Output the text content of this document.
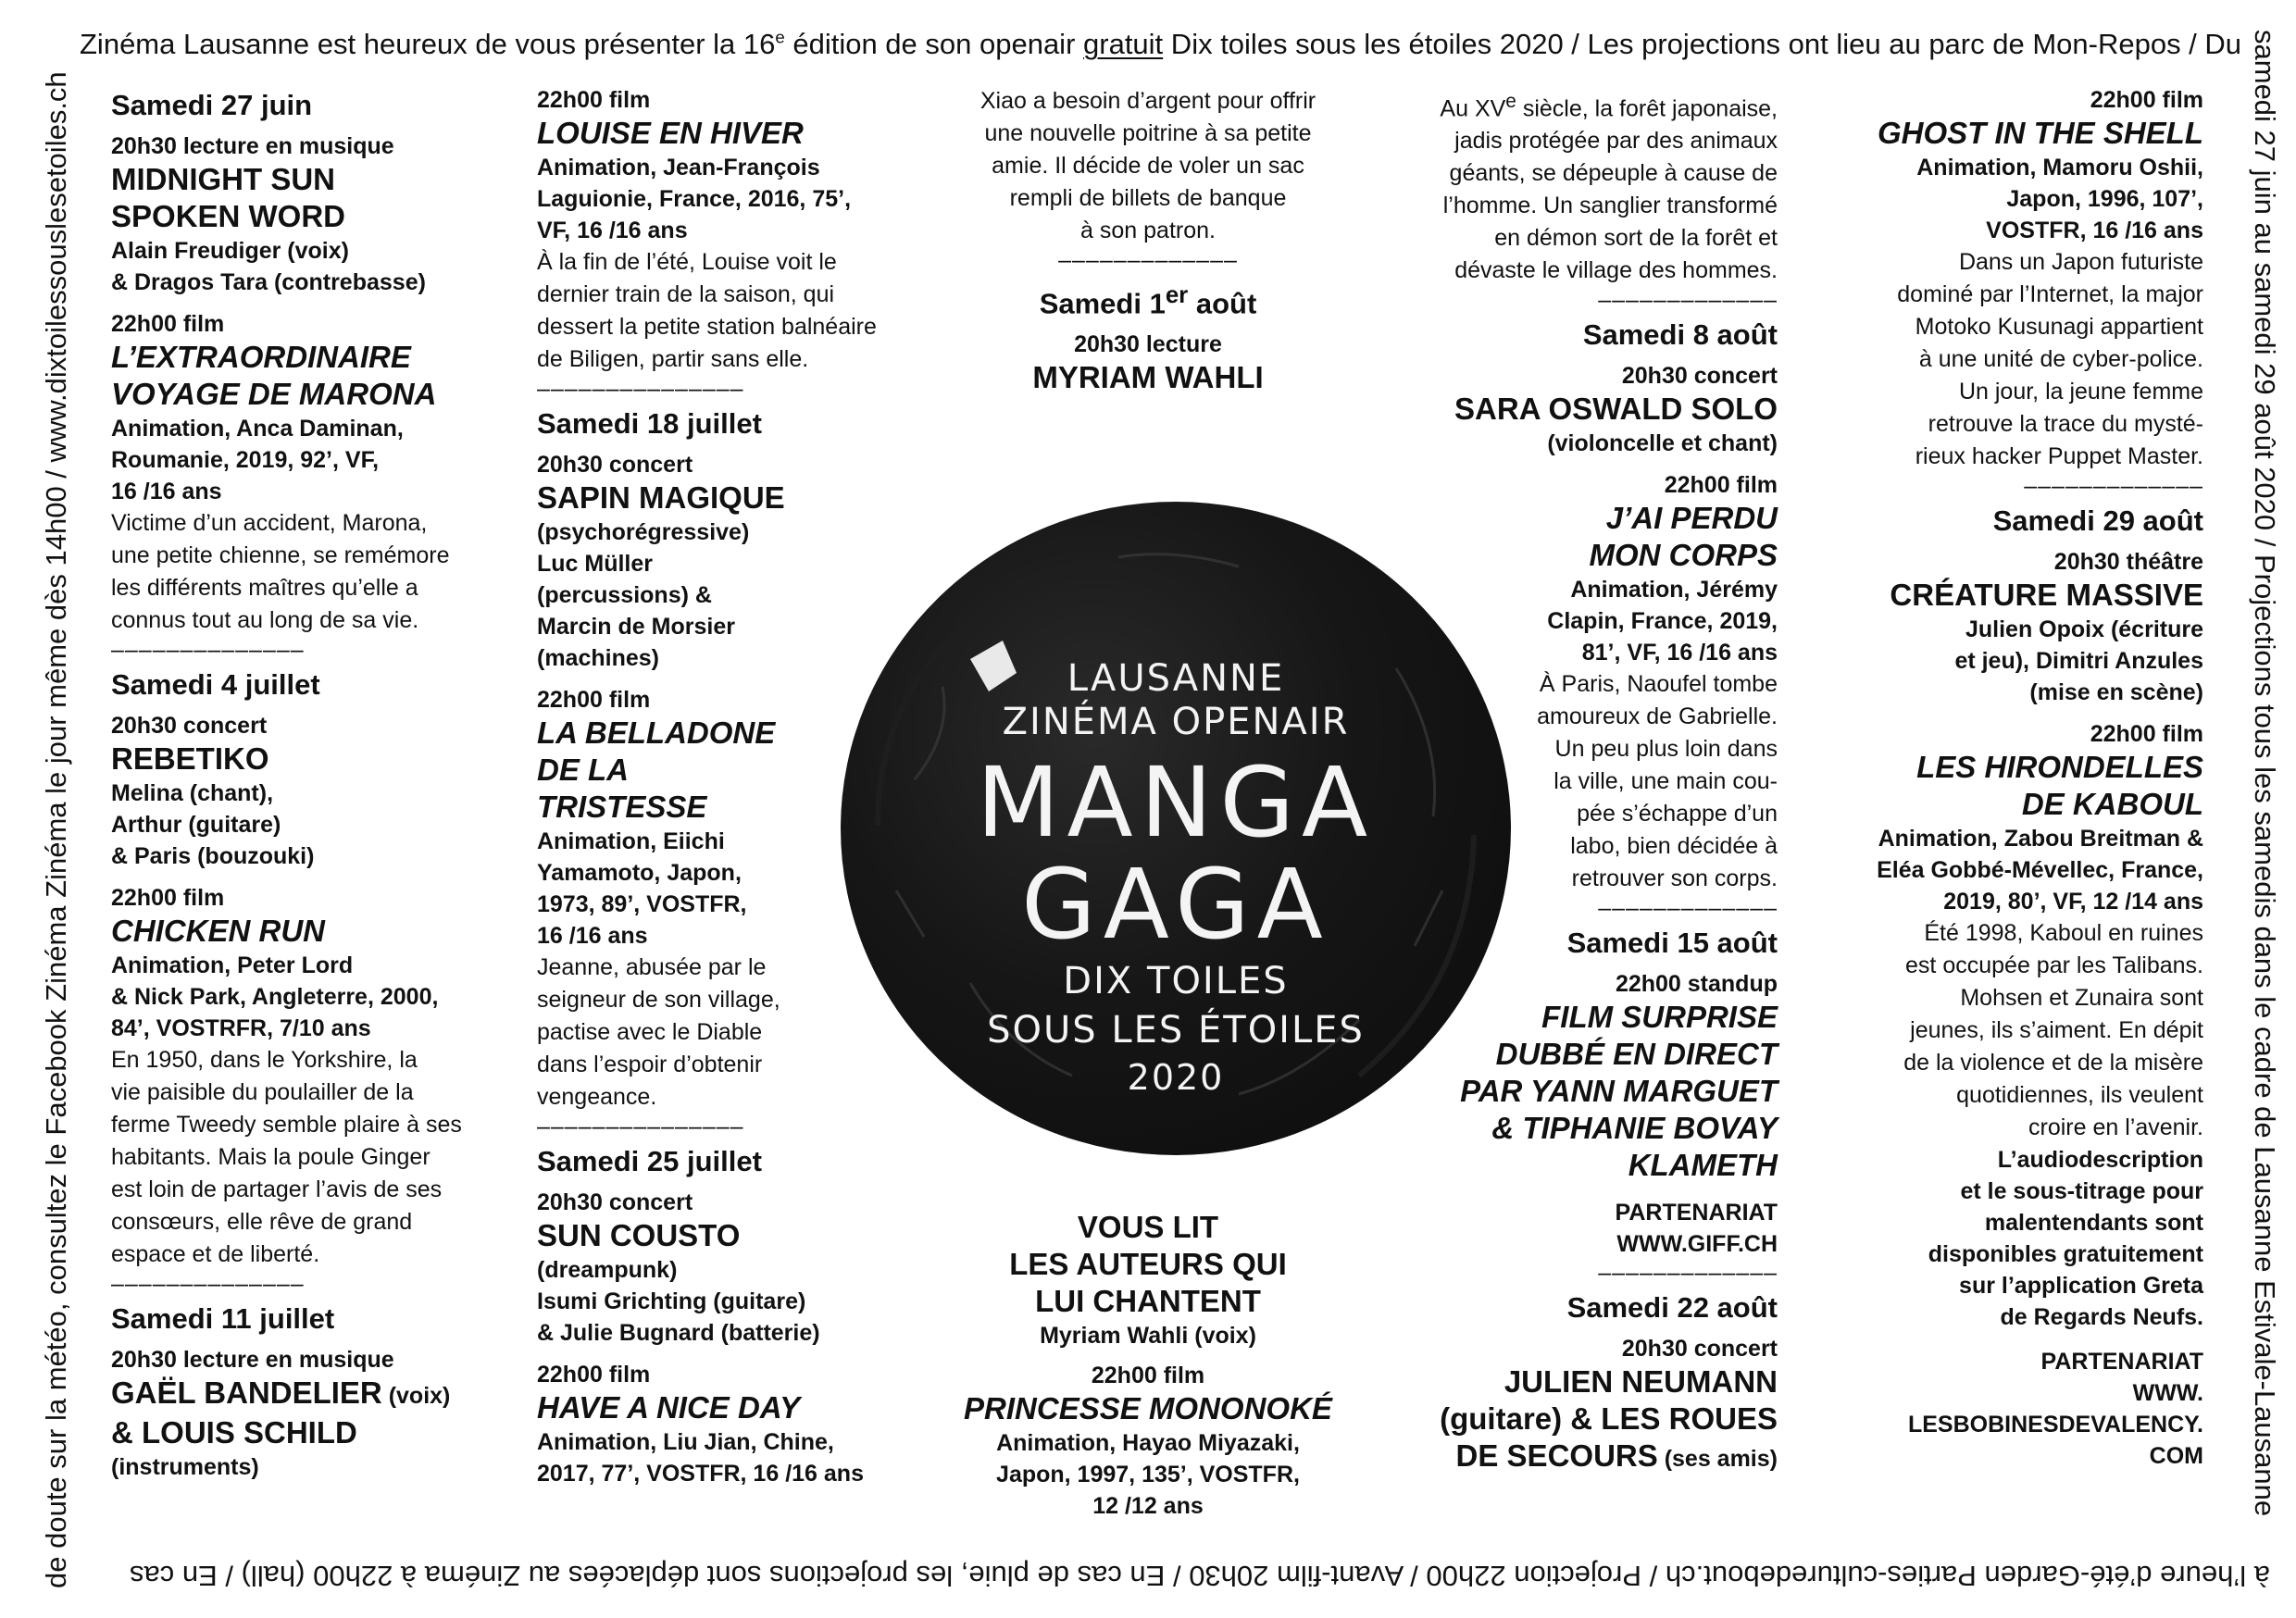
Zinéma Lausanne est heureux de vous présenter la 16e édition de son openair gratuit Dix toiles sous les étoiles 2020 / Les projections ont lieu au parc de Mon-Repos / Du samedi 27 juin au samedi 29 août 2020 / Projections tous les samedis dans le cadre de Lausanne Estivale-Lausanne
à l’heure d’été-Garden Parties-culturedebout.ch / Projection 22h00 / Avant-film 20h30 / En cas de pluie, les projections sont déplacées au Zinéma à 22h00 (hall) / En cas
de doute sur la météo, consultez le Facebook Zinéma Zinéma le jour même dès 14h00 / www.dixtoilessouslesetoiles.ch Samedi 27 juin
20h30 lecture en musique
MIDNIGHT SUN
SPOKEN WORD
Alain Freudiger (voix)
& Dragos Tara (contrebasse)
22h00 film
L’EXTRAORDINAIRE
VOYAGE DE MARONA
Animation, Anca Daminan,
Roumanie, 2019, 92’, VF,
16 /16 ans
Victime d’un accident, Marona,
une petite chienne, se remémore
les différents maîtres qu’elle a
connus tout au long de sa vie.
––––––––––––––
Samedi 4 juillet
20h30 concert
REBETIKO
Melina (chant),
Arthur (guitare)
& Paris (bouzouki)
22h00 film
CHICKEN RUN
Animation, Peter Lord
& Nick Park, Angleterre, 2000,
84’, VOSTRFR, 7/10 ans
En 1950, dans le Yorkshire, la
vie paisible du poulailler de la
ferme Tweedy semble plaire à ses
habitants. Mais la poule Ginger
est loin de partager l’avis de ses
consœurs, elle rêve de grand
espace et de liberté.
––––––––––––––
Samedi 11 juillet
20h30 lecture en musique
GAËL BANDELIER (voix)
& LOUIS SCHILD
(instruments)
22h00 film
LOUISE EN HIVER
Animation, Jean-François
Laguionie, France, 2016, 75’,
VF, 16 /16 ans
À la fin de l’été, Louise voit le
dernier train de la saison, qui
dessert la petite station balnéaire
de Biligen, partir sans elle.
–––––––––––––––
Samedi 18 juillet
20h30 concert
SAPIN MAGIQUE
(psychorégressive)
Luc Müller
(percussions) &
Marcin de Morsier
(machines)
22h00 film
LA BELLADONE
DE LA
TRISTESSE
Animation, Eiichi
Yamamoto, Japon,
1973, 89’, VOSTFR,
16 /16 ans
Jeanne, abusée par le
seigneur de son village,
pactise avec le Diable
dans l’espoir d’obtenir
vengeance.
–––––––––––––––
Samedi 25 juillet
20h30 concert
SUN COUSTO
(dreampunk)
Isumi Grichting (guitare)
& Julie Bugnard (batterie)
22h00 film
HAVE A NICE DAY
Animation, Liu Jian, Chine,
2017, 77’, VOSTFR, 16 /16 ans
Xiao a besoin d’argent pour offrir
une nouvelle poitrine à sa petite
amie. Il décide de voler un sac
rempli de billets de banque
à son patron.
–––––––––––––
Samedi 1er août
20h30 lecture
MYRIAM WAHLI
VOUS LIT
LES AUTEURS QUI
LUI CHANTENT
Myriam Wahli (voix)
22h00 film
PRINCESSE MONONOKÉ
Animation, Hayao Miyazaki,
Japon, 1997, 135’, VOSTFR,
12 /12 ans
LAUSANNE
ZINÉMA OPENAIR
MANGA
GAGA
DIX TOILES
SOUS LES ÉTOILES
2020
Au XVe siècle, la forêt japonaise,
jadis protégée par des animaux
géants, se dépeuple à cause de
l’homme. Un sanglier transformé
en démon sort de la forêt et
dévaste le village des hommes.
–––––––––––––
Samedi 8 août
20h30 concert
SARA OSWALD SOLO
(violoncelle et chant)
22h00 film
J’AI PERDU
MON CORPS
Animation, Jérémy
Clapin, France, 2019,
81’, VF, 16 /16 ans
À Paris, Naoufel tombe
amoureux de Gabrielle.
Un peu plus loin dans
la ville, une main cou-
pée s’échappe d’un
labo, bien décidée à
retrouver son corps.
–––––––––––––
Samedi 15 août
22h00 standup
FILM SURPRISE
DUBBÉ EN DIRECT
PAR YANN MARGUET
& TIPHANIE BOVAY
KLAMETH
PARTENARIAT
WWW.GIFF.CH
–––––––––––––
Samedi 22 août
20h30 concert
JULIEN NEUMANN
(guitare) & LES ROUES
DE SECOURS (ses amis)
22h00 film
GHOST IN THE SHELL
Animation, Mamoru Oshii,
Japon, 1996, 107’,
VOSTFR, 16 /16 ans
Dans un Japon futuriste
dominé par l’Internet, la major
Motoko Kusunagi appartient
à une unité de cyber-police.
Un jour, la jeune femme
retrouve la trace du mysté-
rieux hacker Puppet Master.
–––––––––––––
Samedi 29 août
20h30 théâtre
CRÉATURE MASSIVE
Julien Opoix (écriture
et jeu), Dimitri Anzules
(mise en scène)
22h00 film
LES HIRONDELLES
DE KABOUL
Animation, Zabou Breitman &
Eléa Gobbé-Mévellec, France,
2019, 80’, VF, 12 /14 ans
Été 1998, Kaboul en ruines
est occupée par les Talibans.
Mohsen et Zunaira sont
jeunes, ils s’aiment. En dépit
de la violence et de la misère
quotidiennes, ils veulent
croire en l’avenir.
L’audiodescription
et le sous-titrage pour
malentendants sont
disponibles gratuitement
sur l’application Greta
de Regards Neufs.
PARTENARIAT
WWW.
LESBOBINESDEVALENCY.
COM
